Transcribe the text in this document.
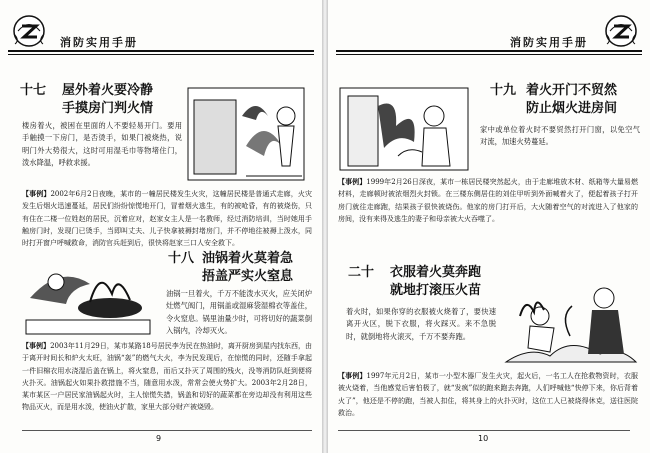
消防实用手册
十七 屋外着火要冷静
手摸房门判火情
楼房着火，被困在里面的人不要轻易开门。要用手触摸一下房门，是否烫手，如果门被烧热，说明门外大势很大，这时可用湿毛巾等物堵住门，泼水降温，呼救求援。
【事例】2002年6月2日夜晚，某市的一幢居民楼发生火灾，这幢居民楼是普通式走廊，火灾发生后烟火迅速蔓延，居民们纷纷惊慌地开门，冒着烟火逃生，有的被呛昏，有的被烧伤，只有住在二楼一位姓赵的居民，沉着应对，赵家女主人是一名教师，经过消防培训，当时她用手触房门时，发现门已烫手，当即叫丈夫、儿子快拿被褥封堵房门，并不停地往被褥上泼水，同时打开窗户呼喊救命，消防官兵赶到后，很快将赵家三口人安全救下。
十八 油锅着火莫着急
捂盖严实火窒息
油锅一旦着火，千万不能泼水灭火，应关闭炉灶燃气阀门，用锅盖或湿麻袋湿棉衣等盖住，令火窒息。锅里油量少时，可将切好的蔬菜倒入锅内，冷却灭火。
【事例】2003年11月29日，某市某路18号居民李为民在热油时，离开厨房到屋内找东西，由于离开时间长和炉火太旺，油锅“轰”的燃气大火，李为民发现后，在惊慌的同时，还随手拿起一件旧棉衣用水浇湿后盖在锅上，将火窒息，而后又扑灭了周围的残火，没等消防队赶到便将火扑灭。油锅起火如果扑救措施不当，随意用水泼，常常会使火势扩大。2003年2月28日，某市某区一户居民家油锅起火时，主人惊慌失措，锅盖和切好的蔬菜都在旁边却没有利用这些物品灭火，而是用水泼，使油火扩散，家里大部分财产被烧毁。
9
消防实用手册
十九 着火开门不贸然
防止烟火进房间
家中或单位着火时不要贸然打开门窗，以免空气对流，加速火势蔓延。
【事例】1999年2月26日深夜，某市一栋居民楼突然起火，由于走廊堆放木材、纸箱等大量易燃材料，走廊顿时被浓烟烈火封锁。在三楼东侧居住的刘住甲听到外面喊着火了，便起着孩子打开房门就往走廊跑，结果孩子很快被烧伤。他家的房门打开后，大火随着空气的对流进入了他家的房间，没有来得及逃生的妻子和母亲被大火吞噬了。
二十 衣服着火莫奔跑
就地打滚压火苗
着火时，如果你穿的衣服被火烧着了，要快速离开火区，脱下衣服，将火踩灭。来不急脱时，就倒地将火滚灭，千万不要奔跑。
【事例】1997年元月2日，某市一小型木器厂发生火灾，起火后，一名工人在抢救物资时，衣服被火烧着，当他感觉后害怕极了，就“发疯”似的跑来跑去奔跑，人们呼喊他“快停下来，你后背着火了”，他还是不停的跑，当被人扣住，将其身上的火扑灭时，这位工人已被烧得休克，送往医院救治。
10
